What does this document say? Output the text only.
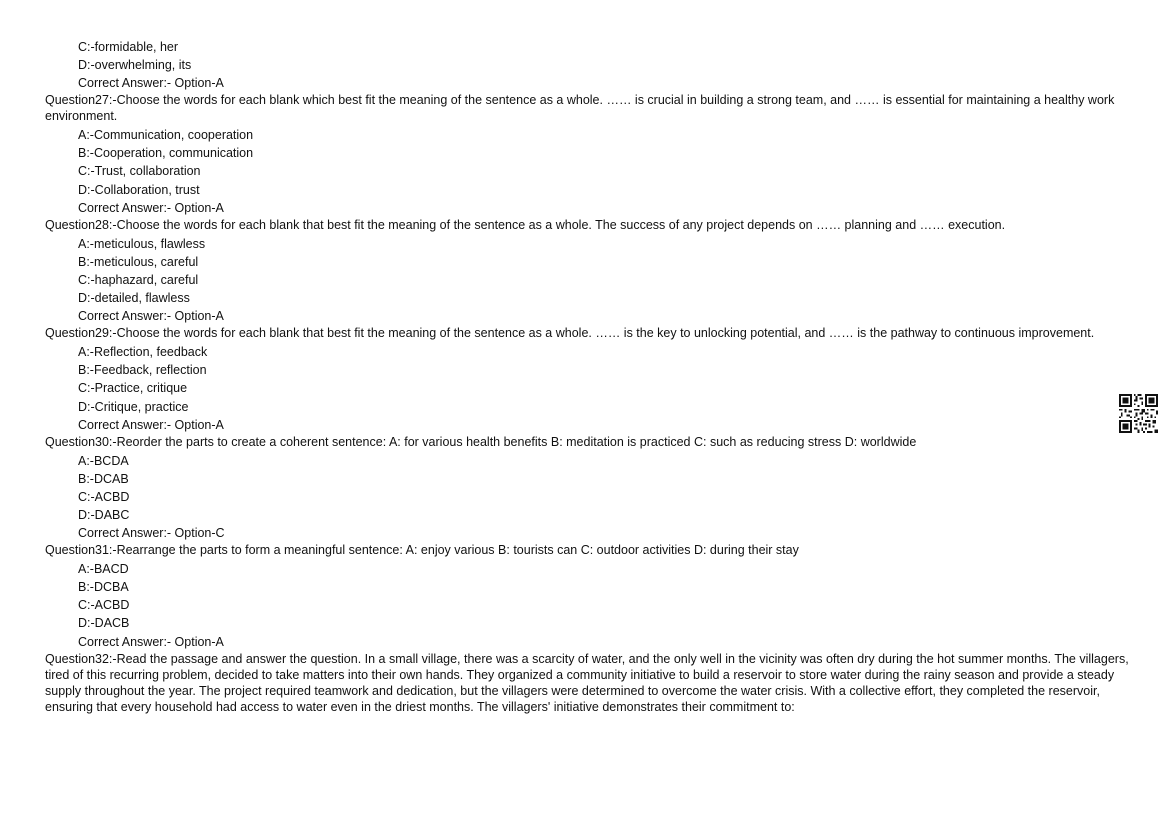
C:-formidable, her
D:-overwhelming, its
Correct Answer:- Option-A
Question27:-Choose the words for each blank which best fit the meaning of the sentence as a whole. …… is crucial in building a strong team, and …… is essential for maintaining a healthy work environment.
A:-Communication, cooperation
B:-Cooperation, communication
C:-Trust, collaboration
D:-Collaboration, trust
Correct Answer:- Option-A
Question28:-Choose the words for each blank that best fit the meaning of the sentence as a whole. The success of any project depends on …… planning and …… execution.
A:-meticulous, flawless
B:-meticulous, careful
C:-haphazard, careful
D:-detailed, flawless
Correct Answer:- Option-A
Question29:-Choose the words for each blank that best fit the meaning of the sentence as a whole. …… is the key to unlocking potential, and …… is the pathway to continuous improvement.
A:-Reflection, feedback
B:-Feedback, reflection
C:-Practice, critique
D:-Critique, practice
Correct Answer:- Option-A
Question30:-Reorder the parts to create a coherent sentence: A: for various health benefits B: meditation is practiced C: such as reducing stress D: worldwide
A:-BCDA
B:-DCAB
C:-ACBD
D:-DABC
Correct Answer:- Option-C
Question31:-Rearrange the parts to form a meaningful sentence: A: enjoy various B: tourists can C: outdoor activities D: during their stay
A:-BACD
B:-DCBA
C:-ACBD
D:-DACB
Correct Answer:- Option-A
Question32:-Read the passage and answer the question. In a small village, there was a scarcity of water, and the only well in the vicinity was often dry during the hot summer months. The villagers, tired of this recurring problem, decided to take matters into their own hands. They organized a community initiative to build a reservoir to store water during the rainy season and provide a steady supply throughout the year. The project required teamwork and dedication, but the villagers were determined to overcome the water crisis. With a collective effort, they completed the reservoir, ensuring that every household had access to water even in the driest months. The villagers' initiative demonstrates their commitment to:
